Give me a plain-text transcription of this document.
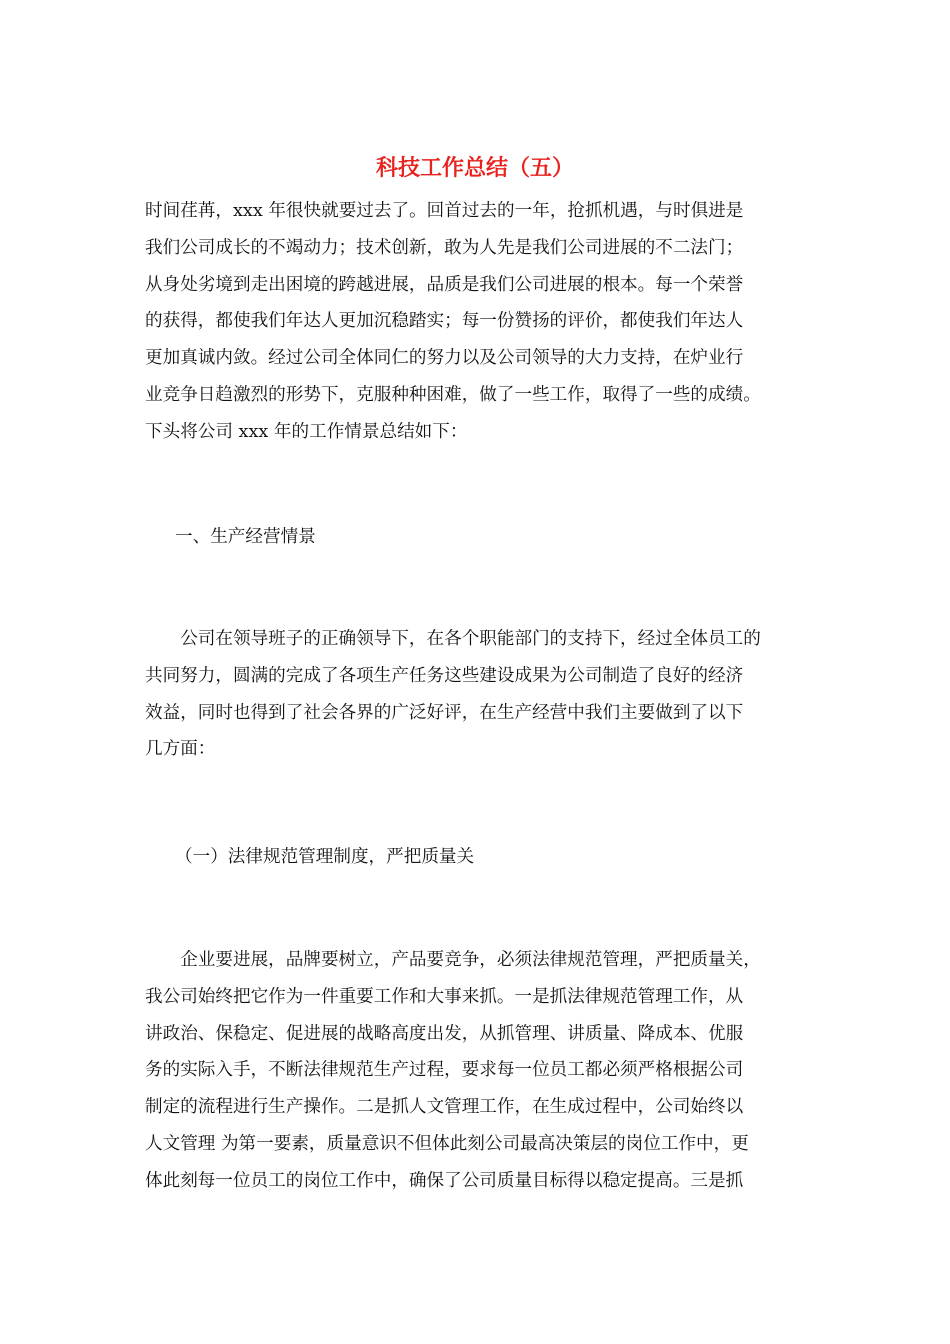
科技工作总结（五）

时间荏苒，xxx 年很快就要过去了。回首过去的一年，抢抓机遇，与时俱进是
我们公司成长的不竭动力；技术创新，敢为人先是我们公司进展的不二法门；
从身处劣境到走出困境的跨越进展，品质是我们公司进展的根本。每一个荣誉
的获得，都使我们年达人更加沉稳踏实；每一份赞扬的评价，都使我们年达人
更加真诚内敛。经过公司全体同仁的努力以及公司领导的大力支持，在炉业行
业竞争日趋激烈的形势下，克服种种困难，做了一些工作，取得了一些的成绩。
下头将公司 xxx 年的工作情景总结如下：

一、生产经营情景

　　公司在领导班子的正确领导下，在各个职能部门的支持下，经过全体员工的
共同努力，圆满的完成了各项生产任务这些建设成果为公司制造了良好的经济
效益，同时也得到了社会各界的广泛好评，在生产经营中我们主要做到了以下
几方面：

（一）法律规范管理制度，严把质量关

　　企业要进展，品牌要树立，产品要竞争，必须法律规范管理，严把质量关，
我公司始终把它作为一件重要工作和大事来抓。一是抓法律规范管理工作，从
讲政治、保稳定、促进展的战略高度出发，从抓管理、讲质量、降成本、优服
务的实际入手，不断法律规范生产过程，要求每一位员工都必须严格根据公司
制定的流程进行生产操作。二是抓人文管理工作，在生成过程中，公司始终以
人文管理 为第一要素，质量意识不但体此刻公司最高决策层的岗位工作中，更
体此刻每一位员工的岗位工作中，确保了公司质量目标得以稳定提高。三是抓
